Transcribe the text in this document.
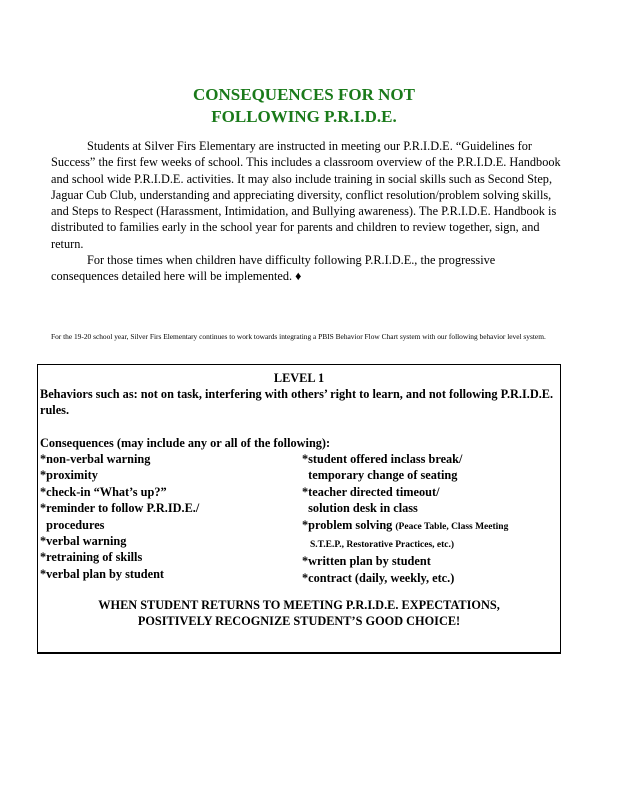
CONSEQUENCES FOR NOT
FOLLOWING P.R.I.D.E.

Students at Silver Firs Elementary are instructed in meeting our P.R.I.D.E. “Guidelines for Success” the first few weeks of school. This includes a classroom overview of the P.R.I.D.E. Handbook and school wide P.R.I.D.E. activities. It may also include training in social skills such as Second Step, Jaguar Cub Club, understanding and appreciating diversity, conflict resolution/problem solving skills, and Steps to Respect (Harassment, Intimidation, and Bullying awareness). The P.R.I.D.E. Handbook is distributed to families early in the school year for parents and children to review together, sign, and return.

For those times when children have difficulty following P.R.I.D.E., the progressive consequences detailed here will be implemented. ♦

For the 19-20 school year, Silver Firs Elementary continues to work towards integrating a PBIS Behavior Flow Chart system with our following behavior level system.
LEVEL 1
Behaviors such as: not on task, interfering with others’ right to learn, and not following P.R.I.D.E. rules.
Consequences (may include any or all of the following):
*non-verbal warning
*proximity
*check-in “What’s up?”
*reminder to follow P.R.ID.E./
procedures
*verbal warning
*retraining of skills
*verbal plan by student
*student offered inclass break/
temporary change of seating
*teacher directed timeout/
solution desk in class
*problem solving (Peace Table, Class Meeting
S.T.E.P., Restorative Practices, etc.)
*written plan by student
*contract (daily, weekly, etc.)
WHEN STUDENT RETURNS TO MEETING P.R.I.D.E. EXPECTATIONS,
POSITIVELY RECOGNIZE STUDENT’S GOOD CHOICE!
